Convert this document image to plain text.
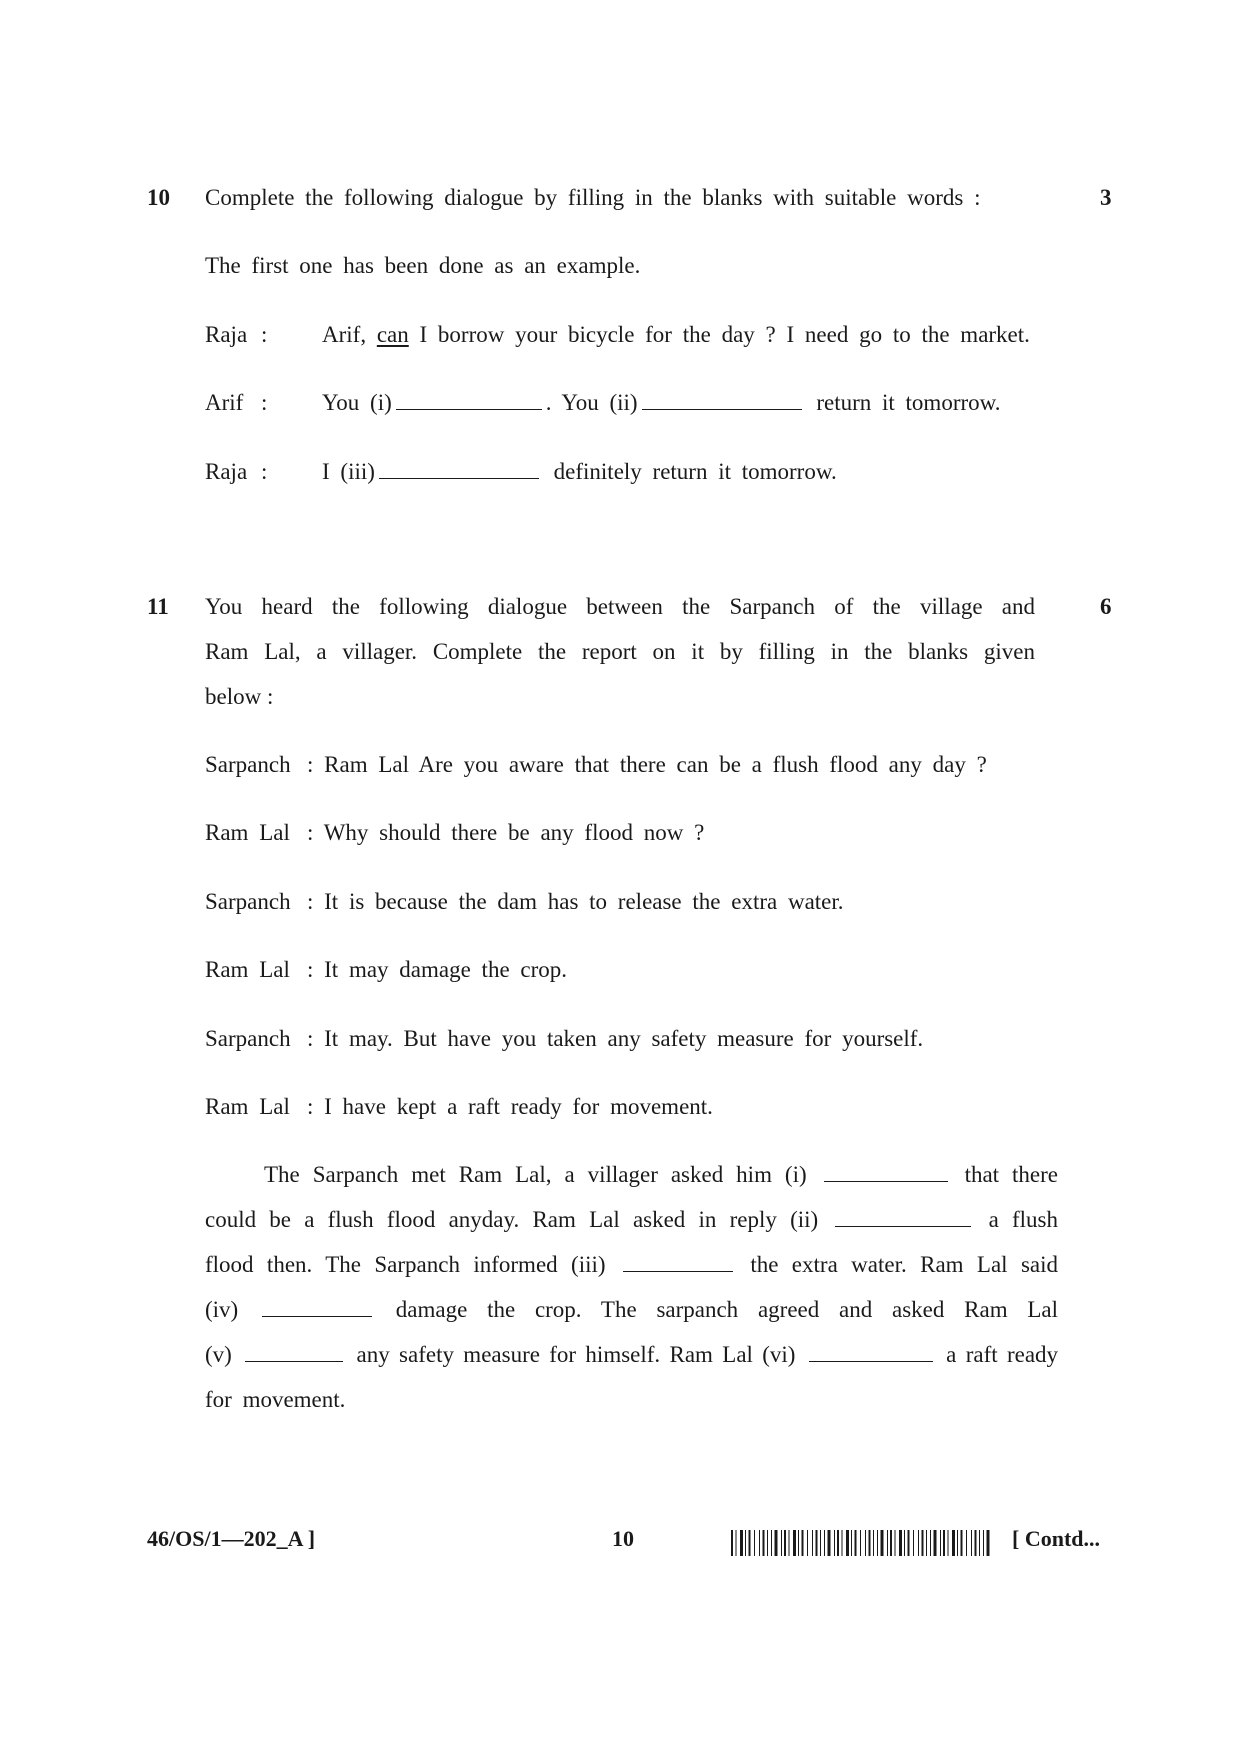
10 Complete the following dialogue by filling in the blanks with suitable words :	3
The first one has been done as an example.
Raja : Arif, can I borrow your bicycle for the day ? I need go to the market.
Arif : You (i)	. You (ii)	return it tomorrow.
Raja : I (iii)	definitely return it tomorrow.
11	6
You heard the following dialogue between the Sarpanch of the village and
Ram Lal, a villager. Complete the report on it by filling in the blanks given
below :
Sarpanch : Ram Lal Are you aware that there can be a flush flood any day ?
Ram Lal : Why should there be any flood now ?
Sarpanch : It is because the dam has to release the extra water.
Ram Lal : It may damage the crop.
Sarpanch : It may. But have you taken any safety measure for yourself.
Ram Lal : I have kept a raft ready for movement.
The Sarpanch met Ram Lal, a villager asked him (i)	that there
could be a flush flood anyday. Ram Lal asked in reply (ii)	a flush
flood then. The Sarpanch informed (iii)	the extra water. Ram Lal said
(iv)	damage the crop. The sarpanch agreed and asked Ram Lal
(v)	any safety measure for himself. Ram Lal (vi)	a raft ready
for movement.
46/OS/1—202_A ]	10	[ Contd...
